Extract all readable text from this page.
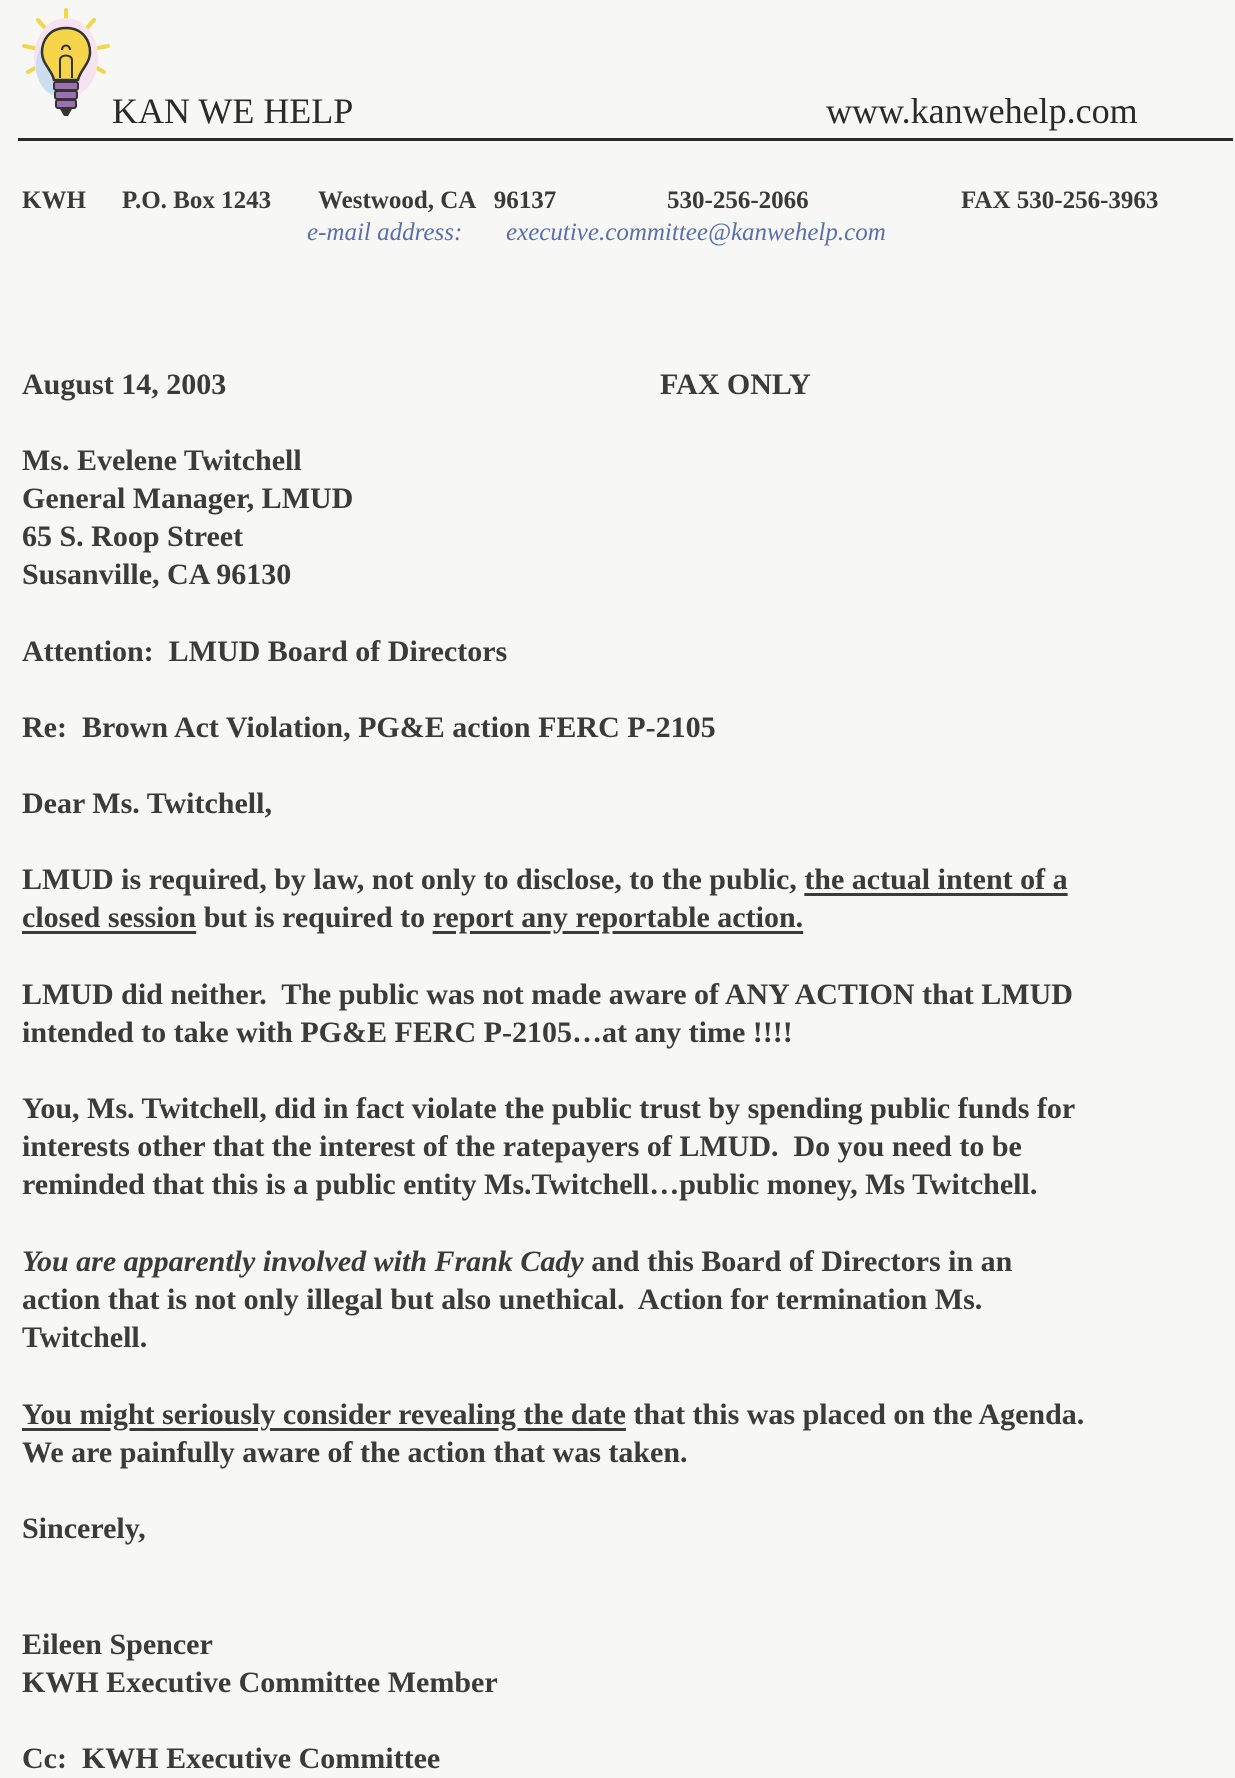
KAN WE HELP	www.kanwehelp.com
KWH P.O. Box 1243 Westwood, CA   96137	530-256-2066	FAX 530-256-3963
e-mail address: executive.committee@kanwehelp.com
August 14, 2003	FAX ONLY
Ms. Evelene Twitchell
General Manager, LMUD
65 S. Roop Street
Susanville, CA 96130
Attention:  LMUD Board of Directors
Re:  Brown Act Violation, PG&E action FERC P-2105
Dear Ms. Twitchell,
LMUD is required, by law, not only to disclose, to the public, the actual intent of a
closed session but is required to report any reportable action.
LMUD did neither.  The public was not made aware of ANY ACTION that LMUD
intended to take with PG&E FERC P-2105…at any time !!!!
You, Ms. Twitchell, did in fact violate the public trust by spending public funds for
interests other that the interest of the ratepayers of LMUD.  Do you need to be
reminded that this is a public entity Ms.Twitchell…public money, Ms Twitchell.
You are apparently involved with Frank Cady and this Board of Directors in an
action that is not only illegal but also unethical.  Action for termination Ms.
Twitchell.
You might seriously consider revealing the date that this was placed on the Agenda.
We are painfully aware of the action that was taken.
Sincerely,
Eileen Spencer
KWH Executive Committee Member
Cc:  KWH Executive Committee
